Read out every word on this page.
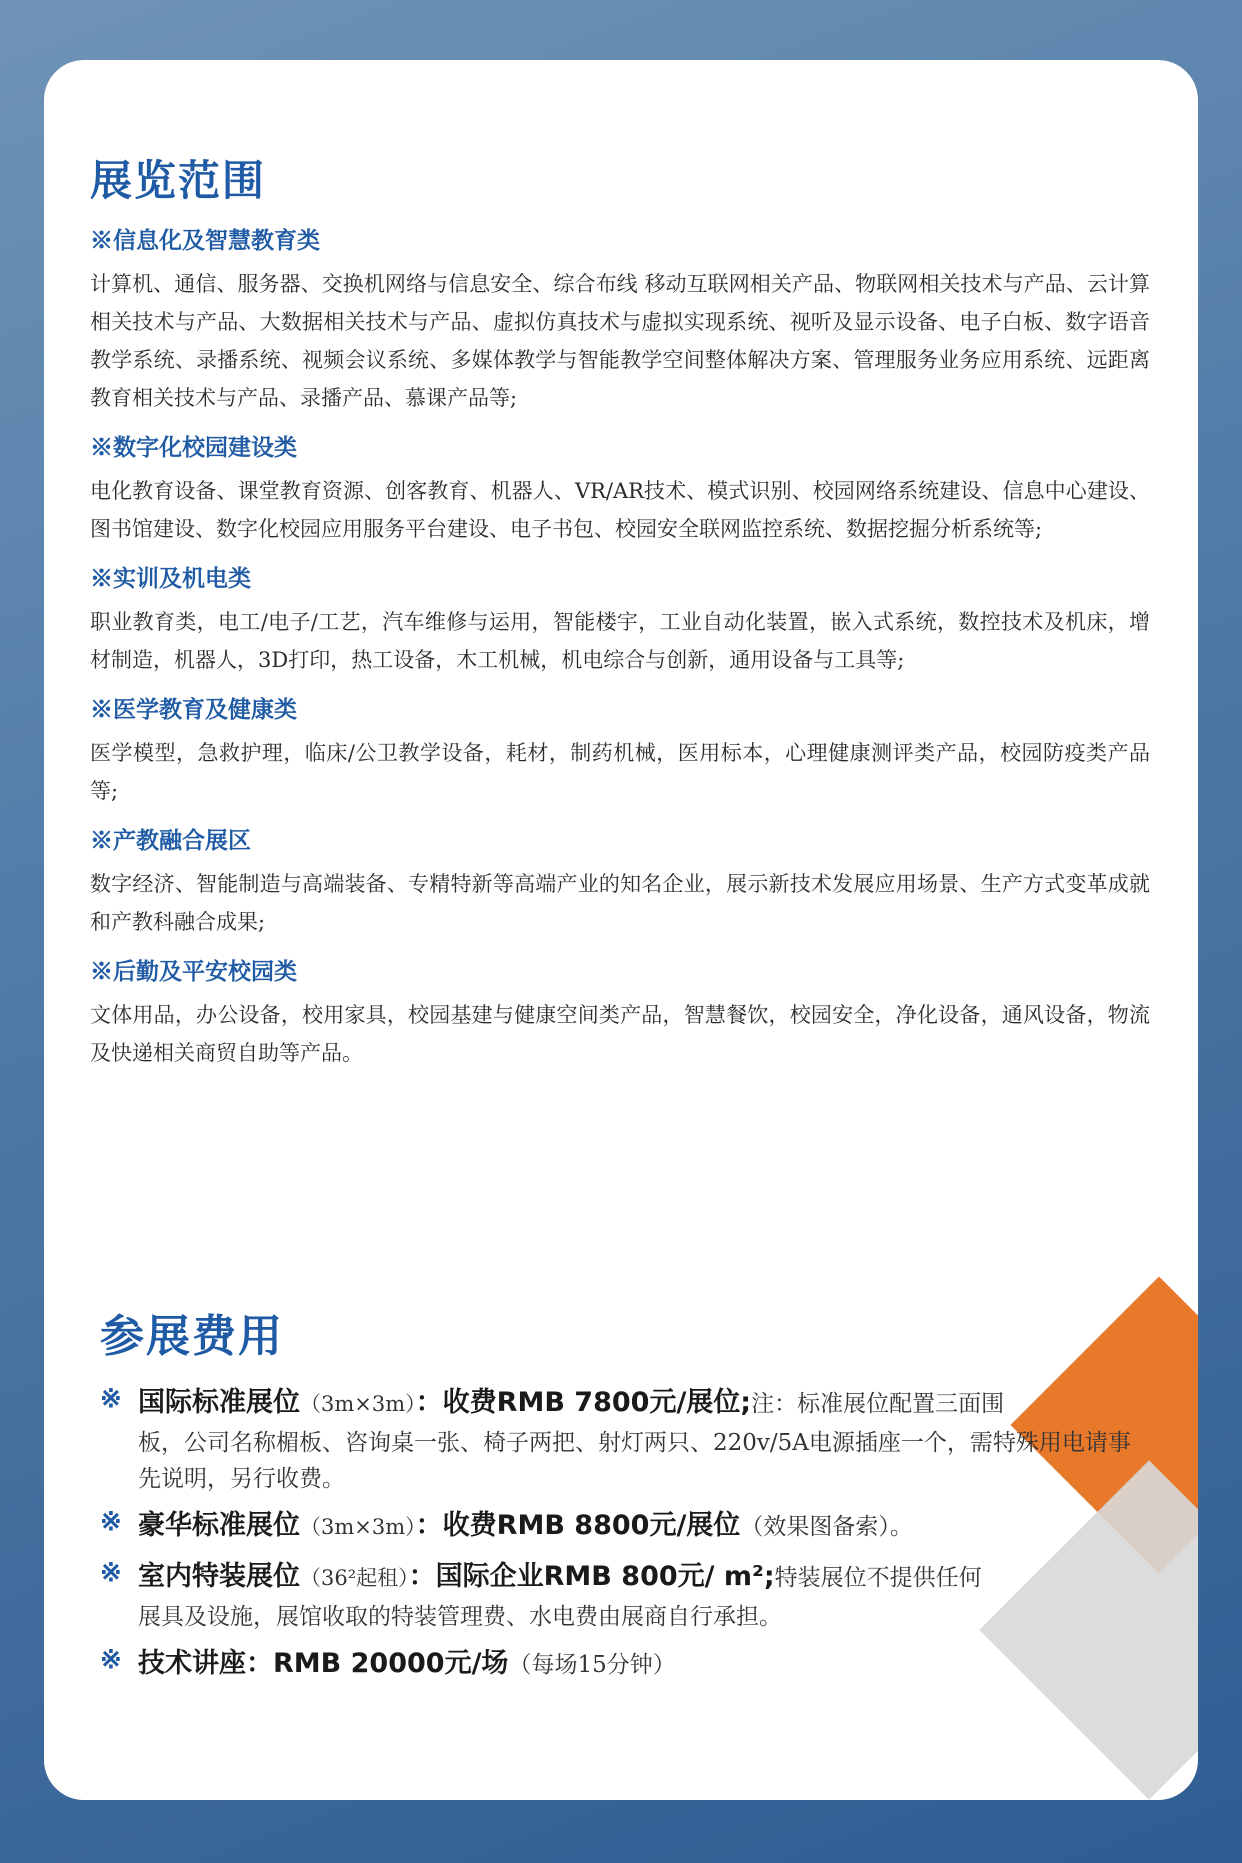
展览范围
※信息化及智慧教育类
计算机、通信、服务器、交换机网络与信息安全、综合布线 移动互联网相关产品、物联网相关技术与产品、云计算相关技术与产品、大数据相关技术与产品、虚拟仿真技术与虚拟实现系统、视听及显示设备、电子白板、数字语音教学系统、录播系统、视频会议系统、多媒体教学与智能教学空间整体解决方案、管理服务业务应用系统、远距离教育相关技术与产品、录播产品、慕课产品等;
※数字化校园建设类
电化教育设备、课堂教育资源、创客教育、机器人、VR/AR技术、模式识别、校园网络系统建设、信息中心建设、图书馆建设、数字化校园应用服务平台建设、电子书包、校园安全联网监控系统、数据挖掘分析系统等;
※实训及机电类
职业教育类，电工/电子/工艺，汽车维修与运用，智能楼宇，工业自动化装置，嵌入式系统，数控技术及机床，增材制造，机器人，3D打印，热工设备，木工机械，机电综合与创新，通用设备与工具等;
※医学教育及健康类
医学模型，急救护理，临床/公卫教学设备，耗材，制药机械，医用标本，心理健康测评类产品，校园防疫类产品等;
※产教融合展区
数字经济、智能制造与高端装备、专精特新等高端产业的知名企业，展示新技术发展应用场景、生产方式变革成就和产教科融合成果;
※后勤及平安校园类
文体用品，办公设备，校用家具，校园基建与健康空间类产品，智慧餐饮，校园安全，净化设备，通风设备，物流及快递相关商贸自助等产品。
参展费用
※ 国际标准展位（3m×3m）：收费RMB 7800元/展位;注：标准展位配置三面围
板，公司名称楣板、咨询桌一张、椅子两把、射灯两只、220v/5A电源插座一个，需特殊用电请事先说明，另行收费。
※ 豪华标准展位（3m×3m）：收费RMB 8800元/展位（效果图备索）。
※ 室内特装展位（36²起租）：国际企业RMB 800元/ m²;特装展位不提供任何
展具及设施，展馆收取的特装管理费、水电费由展商自行承担。
※ 技术讲座：RMB 20000元/场（每场15分钟）
